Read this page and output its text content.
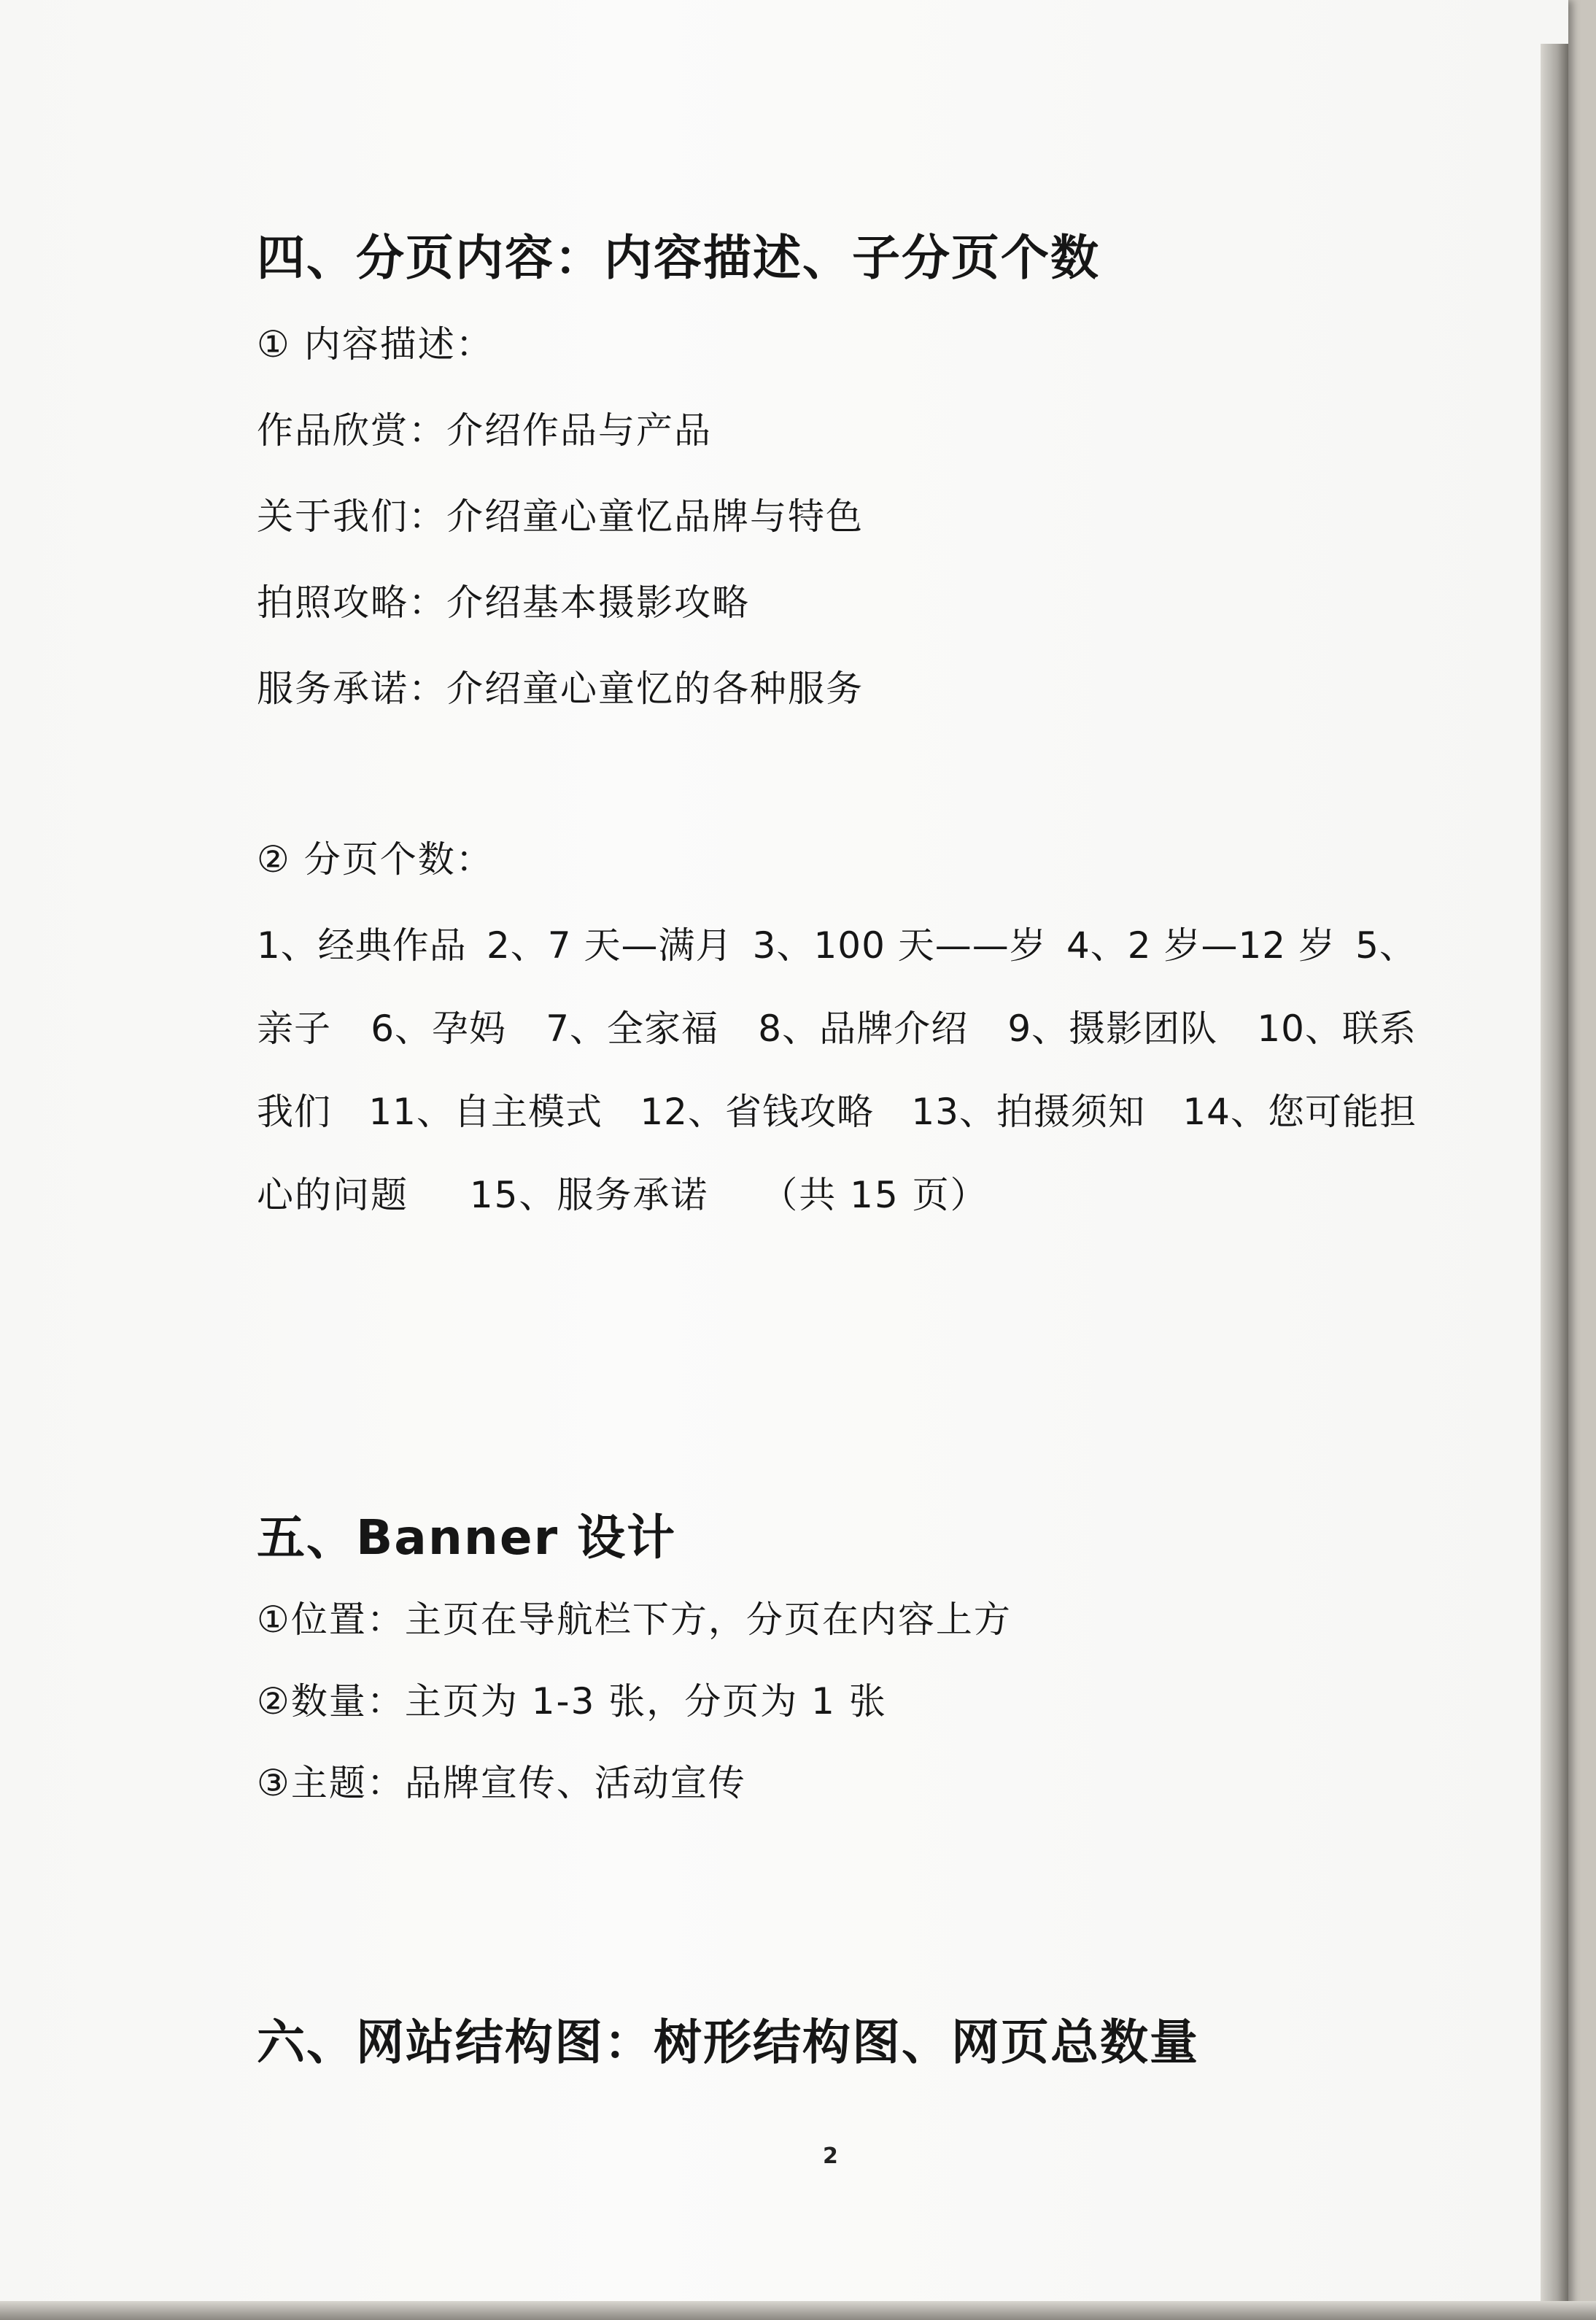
四、分页内容：内容描述、子分页个数
① 内容描述：
作品欣赏：介绍作品与产品
关于我们：介绍童心童忆品牌与特色
拍照攻略：介绍基本摄影攻略
服务承诺：介绍童心童忆的各种服务
② 分页个数：
1、经典作品 2、7 天—满月 3、100 天——岁 4、2 岁—12 岁 5、
亲子 6、孕妈 7、全家福 8、品牌介绍 9、摄影团队 10、联系
我们 11、自主模式 12、省钱攻略 13、拍摄须知 14、您可能担
心的问题 15、服务承诺 （共 15 页）
五、Banner 设计
①位置：主页在导航栏下方，分页在内容上方
②数量：主页为 1-3 张，分页为 1 张
③主题：品牌宣传、活动宣传
六、网站结构图：树形结构图、网页总数量
2
